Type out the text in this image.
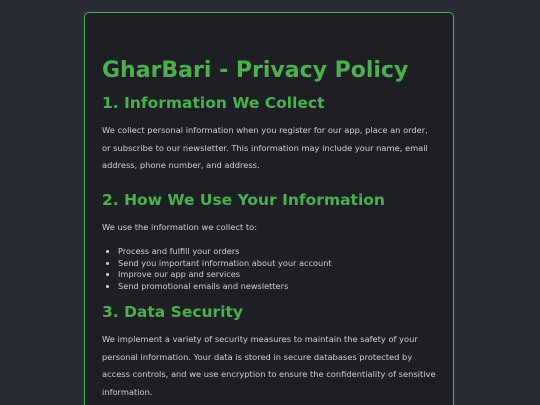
GharBari - Privacy Policy
1. Information We Collect

We collect personal information when you register for our app, place an order, or subscribe to our newsletter. This information may include your name, email address, phone number, and address.

2. How We Use Your Information

We use the information we collect to:

• Process and fulfill your orders
• Send you important information about your account
• Improve our app and services
• Send promotional emails and newsletters
3. Data Security

We implement a variety of security measures to maintain the safety of your personal information. Your data is stored in secure databases protected by access controls, and we use encryption to ensure the confidentiality of sensitive information.
